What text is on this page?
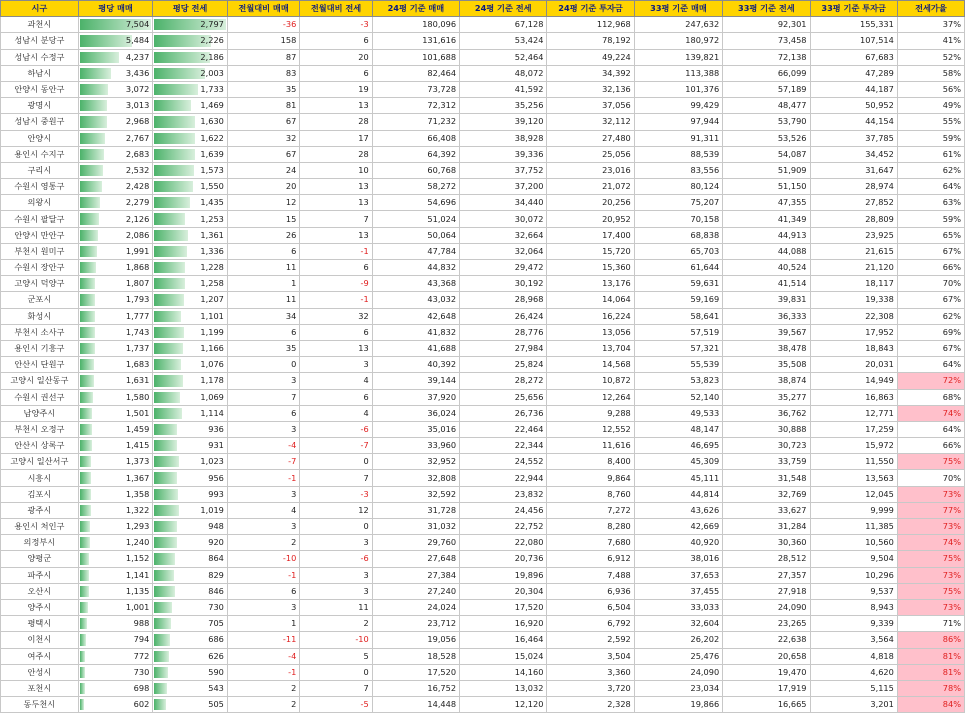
시구	평당 매매	평당 전세	전월대비 매매	전월대비 전세	24평 기준 매매	24평 기준 전세	24평 기준 투자금	33평 기준 매매	33평 기준 전세	33평 기준 투자금	전세가율
과천시	7,504	2,797	-36	-3	180,096	67,128	112,968	247,632	92,301	155,331	37%
성남시 분당구	5,484	2,226	158	6	131,616	53,424	78,192	180,972	73,458	107,514	41%
성남시 수정구	4,237	2,186	87	20	101,688	52,464	49,224	139,821	72,138	67,683	52%
하남시	3,436	2,003	83	6	82,464	48,072	34,392	113,388	66,099	47,289	58%
안양시 동안구	3,072	1,733	35	19	73,728	41,592	32,136	101,376	57,189	44,187	56%
광명시	3,013	1,469	81	13	72,312	35,256	37,056	99,429	48,477	50,952	49%
성남시 중원구	2,968	1,630	67	28	71,232	39,120	32,112	97,944	53,790	44,154	55%
안양시	2,767	1,622	32	17	66,408	38,928	27,480	91,311	53,526	37,785	59%
용인시 수지구	2,683	1,639	67	28	64,392	39,336	25,056	88,539	54,087	34,452	61%
구리시	2,532	1,573	24	10	60,768	37,752	23,016	83,556	51,909	31,647	62%
수원시 영통구	2,428	1,550	20	13	58,272	37,200	21,072	80,124	51,150	28,974	64%
의왕시	2,279	1,435	12	13	54,696	34,440	20,256	75,207	47,355	27,852	63%
수원시 팔달구	2,126	1,253	15	7	51,024	30,072	20,952	70,158	41,349	28,809	59%
안양시 만안구	2,086	1,361	26	13	50,064	32,664	17,400	68,838	44,913	23,925	65%
부천시 원미구	1,991	1,336	6	-1	47,784	32,064	15,720	65,703	44,088	21,615	67%
수원시 장안구	1,868	1,228	11	6	44,832	29,472	15,360	61,644	40,524	21,120	66%
고양시 덕양구	1,807	1,258	1	-9	43,368	30,192	13,176	59,631	41,514	18,117	70%
군포시	1,793	1,207	11	-1	43,032	28,968	14,064	59,169	39,831	19,338	67%
화성시	1,777	1,101	34	32	42,648	26,424	16,224	58,641	36,333	22,308	62%
부천시 소사구	1,743	1,199	6	6	41,832	28,776	13,056	57,519	39,567	17,952	69%
용인시 기흥구	1,737	1,166	35	13	41,688	27,984	13,704	57,321	38,478	18,843	67%
안산시 단원구	1,683	1,076	0	3	40,392	25,824	14,568	55,539	35,508	20,031	64%
고양시 일산동구	1,631	1,178	3	4	39,144	28,272	10,872	53,823	38,874	14,949	72%
수원시 권선구	1,580	1,069	7	6	37,920	25,656	12,264	52,140	35,277	16,863	68%
남양주시	1,501	1,114	6	4	36,024	26,736	9,288	49,533	36,762	12,771	74%
부천시 오정구	1,459	936	3	-6	35,016	22,464	12,552	48,147	30,888	17,259	64%
안산시 상록구	1,415	931	-4	-7	33,960	22,344	11,616	46,695	30,723	15,972	66%
고양시 일산서구	1,373	1,023	-7	0	32,952	24,552	8,400	45,309	33,759	11,550	75%
시흥시	1,367	956	-1	7	32,808	22,944	9,864	45,111	31,548	13,563	70%
김포시	1,358	993	3	-3	32,592	23,832	8,760	44,814	32,769	12,045	73%
광주시	1,322	1,019	4	12	31,728	24,456	7,272	43,626	33,627	9,999	77%
용인시 처인구	1,293	948	3	0	31,032	22,752	8,280	42,669	31,284	11,385	73%
의정부시	1,240	920	2	3	29,760	22,080	7,680	40,920	30,360	10,560	74%
양평군	1,152	864	-10	-6	27,648	20,736	6,912	38,016	28,512	9,504	75%
파주시	1,141	829	-1	3	27,384	19,896	7,488	37,653	27,357	10,296	73%
오산시	1,135	846	6	3	27,240	20,304	6,936	37,455	27,918	9,537	75%
양주시	1,001	730	3	11	24,024	17,520	6,504	33,033	24,090	8,943	73%
평택시	988	705	1	2	23,712	16,920	6,792	32,604	23,265	9,339	71%
이천시	794	686	-11	-10	19,056	16,464	2,592	26,202	22,638	3,564	86%
여주시	772	626	-4	5	18,528	15,024	3,504	25,476	20,658	4,818	81%
안성시	730	590	-1	0	17,520	14,160	3,360	24,090	19,470	4,620	81%
포천시	698	543	2	7	16,752	13,032	3,720	23,034	17,919	5,115	78%
동두천시	602	505	2	-5	14,448	12,120	2,328	19,866	16,665	3,201	84%
